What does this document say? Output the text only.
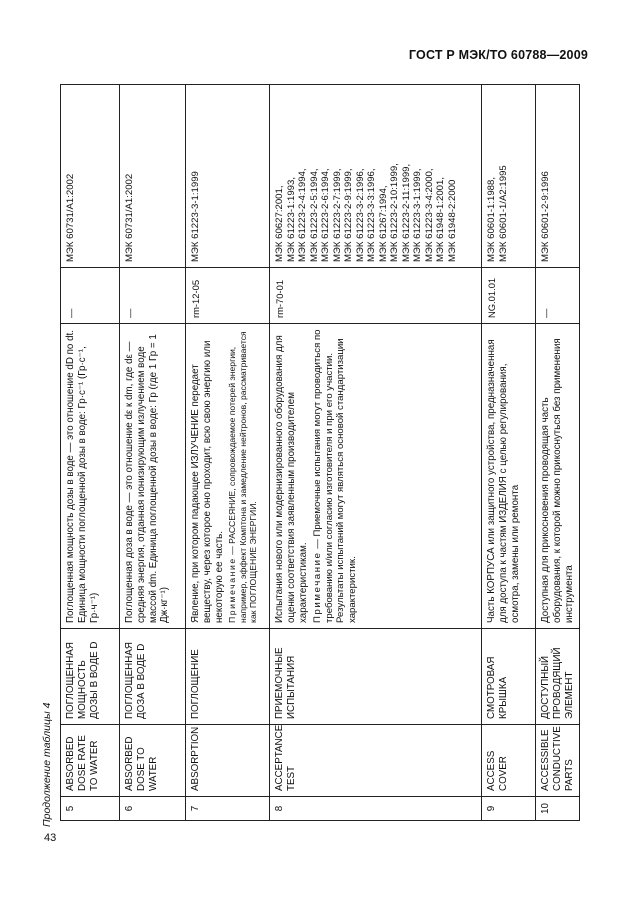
ГОСТ Р МЭК/ТО 60788—2009
Продолжение таблицы 4
43
5
ABSORBED DOSE RATE TO WATER
ПОГЛОЩЕННАЯ МОЩНОСТЬ ДОЗЫ В ВОДЕ D
Поглощенная мощность дозы в воде — это отношение dD по dt. Единица мощности поглощенной дозы в воде: Гр·с⁻¹ (Гр·с⁻¹, Гр·ч⁻¹)
—
МЭК 60731/А1:2002
6
ABSORBED DOSE TO WATER
ПОГЛОЩЕННАЯ ДОЗА В ВОДЕ D
Поглощенная доза в воде — это отношение dε к dm, где dε — средняя энергия, отданная ионизирующим излучением воде массой dm. Единица поглощенной дозы в воде: Гр (где 1 Гр = 1 Дж·кг⁻¹)
—
МЭК 60731/А1:2002
7
ABSORPTION
ПОГЛОЩЕНИЕ
Явление, при котором падающее ИЗЛУЧЕНИЕ передает веществу, через которое оно проходит, всю свою энергию или некоторую ее часть. Примечание — РАССЕЯНИЕ, сопровождаемое потерей энергии, например, эффект Комптона и замедление нейтронов, рассматривается как ПОГЛОЩЕНИЕ ЭНЕРГИИ.
rm-12-05
МЭК 61223-3-1:1999
8
ACCEPTANCE TEST
ПРИЕМОЧНЫЕ ИСПЫТАНИЯ
Испытания нового или модернизированного оборудования для оценки соответствия заявленным производителем характеристикам. Примечание — Приемочные испытания могут проводиться по требованию и/или согласию изготовителя и при его участии. Результаты испытаний могут являться основой стандартизации характеристик.
rm-70-01
МЭК 60627:2001, МЭК 61223-1:1993, МЭК 61223-2-4:1994, МЭК 61223-2-5:1994, МЭК 61223-2-6:1994, МЭК 61223-2-7:1999, МЭК 61223-2-9:1999, МЭК 61223-3-2:1996, МЭК 61223-3-3:1996, МЭК 61267:1994, МЭК 61223-2-10:1999, МЭК 61223-2-11:1999, МЭК 61223-3-1:1999, МЭК 61223-3-4:2000, МЭК 61948-1:2001, МЭК 61948-2:2000
9
ACCESS COVER
СМОТРОВАЯ КРЫШКА
Часть КОРПУСА или защитного устройства, предназначенная для доступа к частям ИЗДЕЛИЯ с целью регулирования, осмотра, замены или ремонта
NG.01.01
МЭК 60601-1:1988, МЭК 60601-1/А2:1995
10
ACCESSIBLE CONDUCTIVE PARTS
ДОСТУПНЫЙ ПРОВОДЯЩИЙ ЭЛЕМЕНТ
Доступная для прикосновения проводящая часть оборудования, к которой можно прикоснуться без применения инструмента
—
МЭК 60601-2-9:1996
